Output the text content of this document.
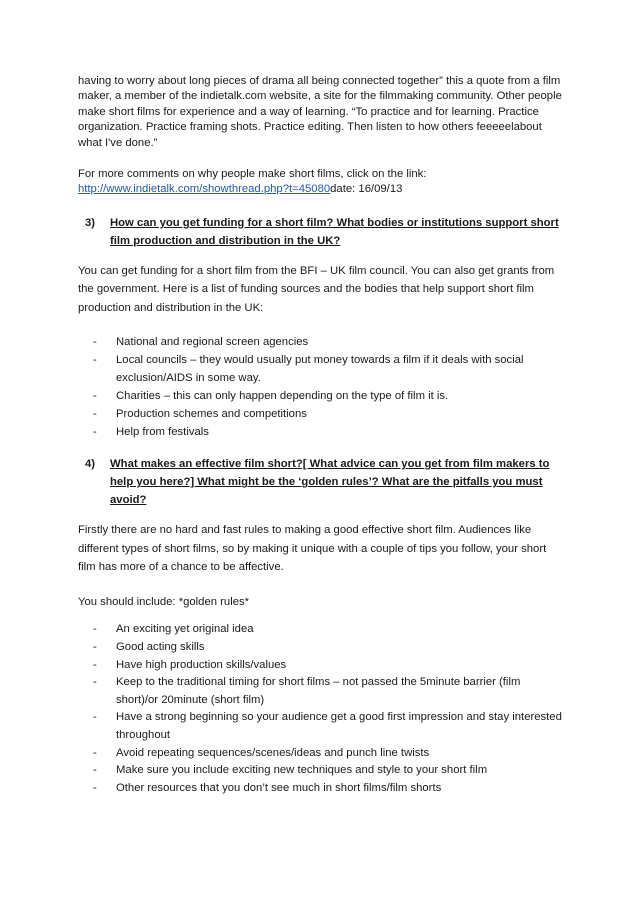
having to worry about long pieces of drama all being connected together” this a quote from a film maker, a member of the indietalk.com website, a site for the filmmaking community. Other people make short films for experience and a way of learning. “To practice and for learning. Practice organization. Practice framing shots. Practice editing. Then listen to how others feeeeelabout what I've done.”

For more comments on why people make short films, click on the link:
http://www.indietalk.com/showthread.php?t=45080date: 16/09/13

3)	How can you get funding for a short film? What bodies or institutions support short film production and distribution in the UK?

You can get funding for a short film from the BFI – UK film council. You can also get grants from the government. Here is a list of funding sources and the bodies that help support short film production and distribution in the UK:

-	National and regional screen agencies
-	Local councils – they would usually put money towards a film if it deals with social exclusion/AIDS in some way.
-	Charities – this can only happen depending on the type of film it is.
-	Production schemes and competitions
-	Help from festivals
4)	What makes an effective film short?[ What advice can you get from film makers to help you here?] What might be the ‘golden rules’? What are the pitfalls you must avoid?

Firstly there are no hard and fast rules to making a good effective short film. Audiences like different types of short films, so by making it unique with a couple of tips you follow, your short film has more of a chance to be affective.

You should include: *golden rules*

-	An exciting yet original idea
-	Good acting skills
-	Have high production skills/values
-	Keep to the traditional timing for short films – not passed the 5minute barrier (film short)/or 20minute (short film)
-	Have a strong beginning so your audience get a good first impression and stay interested throughout
-	Avoid repeating sequences/scenes/ideas and punch line twists
-	Make sure you include exciting new techniques and style to your short film
-	Other resources that you don’t see much in short films/film shorts
